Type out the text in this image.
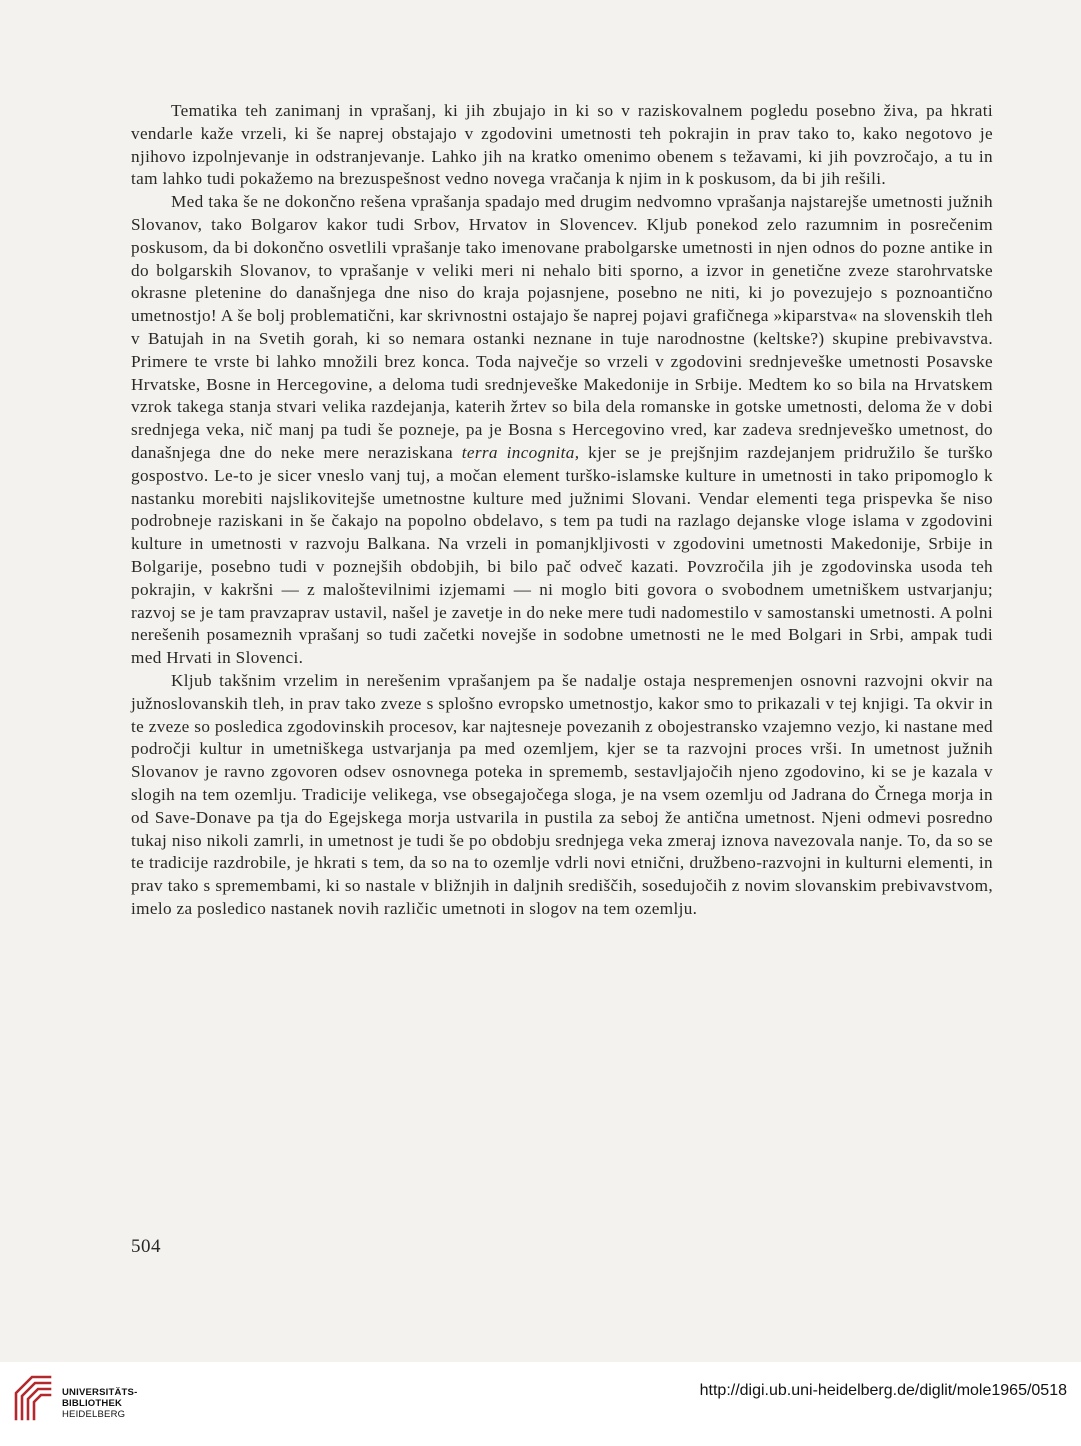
Tematika teh zanimanj in vprašanj, ki jih zbujajo in ki so v raziskovalnem pogledu posebno živa, pa hkrati vendarle kaže vrzeli, ki še naprej obstajajo v zgodovini umetnosti teh pokrajin in prav tako to, kako negotovo je njihovo izpolnjevanje in odstranjevanje. Lahko jih na kratko omenimo obenem s težavami, ki jih povzročajo, a tu in tam lahko tudi pokažemo na brezuspešnost vedno novega vračanja k njim in k poskusom, da bi jih rešili.

Med taka še ne dokončno rešena vprašanja spadajo med drugim nedvomno vprašanja najstarejše umetnosti južnih Slovanov, tako Bolgarov kakor tudi Srbov, Hrvatov in Slovencev. Kljub ponekod zelo razumnim in posrečenim poskusom, da bi dokončno osvetlili vprašanje tako imenovane prabolgarske umetnosti in njen odnos do pozne antike in do bolgarskih Slovanov, to vprašanje v veliki meri ni nehalo biti sporno, a izvor in genetične zveze starohrvatske okrasne pletenine do današnjega dne niso do kraja pojasnjene, posebno ne niti, ki jo povezujejo s poznoantično umetnostjo! A še bolj problematični, kar skrivnostni ostajajo še naprej pojavi grafičnega »kiparstva« na slovenskih tleh v Batujah in na Svetih gorah, ki so nemara ostanki neznane in tuje narodnostne (keltske?) skupine prebivavstva. Primere te vrste bi lahko množili brez konca. Toda največje so vrzeli v zgodovini srednjeveške umetnosti Posavske Hrvatske, Bosne in Hercegovine, a deloma tudi srednjeveške Makedonije in Srbije. Medtem ko so bila na Hrvatskem vzrok takega stanja stvari velika razdejanja, katerih žrtev so bila dela romanske in gotske umetnosti, deloma že v dobi srednjega veka, nič manj pa tudi še pozneje, pa je Bosna s Hercegovino vred, kar zadeva srednjeveško umetnost, do današnjega dne do neke mere neraziskana terra incognita, kjer se je prejšnjim razdejanjem pridružilo še turško gospostvo. Le-to je sicer vneslo vanj tuj, a močan element turško-islamske kulture in umetnosti in tako pripomoglo k nastanku morebiti najslikovitejše umetnostne kulture med južnimi Slovani. Vendar elementi tega prispevka še niso podrobneje raziskani in še čakajo na popolno obdelavo, s tem pa tudi na razlago dejanske vloge islama v zgodovini kulture in umetnosti v razvoju Balkana. Na vrzeli in pomanjkljivosti v zgodovini umetnosti Makedonije, Srbije in Bolgarije, posebno tudi v poznejših obdobjih, bi bilo pač odveč kazati. Povzročila jih je zgodovinska usoda teh pokrajin, v kakršni — z maloštevilnimi izjemami — ni moglo biti govora o svobodnem umetniškem ustvarjanju; razvoj se je tam pravzaprav ustavil, našel je zavetje in do neke mere tudi nadomestilo v samostanski umetnosti. A polni nerešenih posameznih vprašanj so tudi začetki novejše in sodobne umetnosti ne le med Bolgari in Srbi, ampak tudi med Hrvati in Slovenci.

Kljub takšnim vrzelim in nerešenim vprašanjem pa še nadalje ostaja nespremenjen osnovni razvojni okvir na južnoslovanskih tleh, in prav tako zveze s splošno evropsko umetnostjo, kakor smo to prikazali v tej knjigi. Ta okvir in te zveze so posledica zgodovinskih procesov, kar najtesneje povezanih z obojestransko vzajemno vezjo, ki nastane med področji kultur in umetniškega ustvarjanja pa med ozemljem, kjer se ta razvojni proces vrši. In umetnost južnih Slovanov je ravno zgovoren odsev osnovnega poteka in sprememb, sestavljajočih njeno zgodovino, ki se je kazala v slogih na tem ozemlju. Tradicije velikega, vse obsegajočega sloga, je na vsem ozemlju od Jadrana do Črnega morja in od Save-Donave pa tja do Egejskega morja ustvarila in pustila za seboj že antična umetnost. Njeni odmevi posredno tukaj niso nikoli zamrli, in umetnost je tudi še po obdobju srednjega veka zmeraj iznova navezovala nanje. To, da so se te tradicije razdrobile, je hkrati s tem, da so na to ozemlje vdrli novi etnični, družbeno-razvojni in kulturni elementi, in prav tako s spremembami, ki so nastale v bližnjih in daljnih središčih, sosedujočih z novim slovanskim prebivavstvom, imelo za posledico nastanek novih različic umetnoti in slogov na tem ozemlju.

504
UNIVERSITÄTS-
BIBLIOTHEK
HEIDELBERG
http://digi.ub.uni-heidelberg.de/diglit/mole1965/0518
